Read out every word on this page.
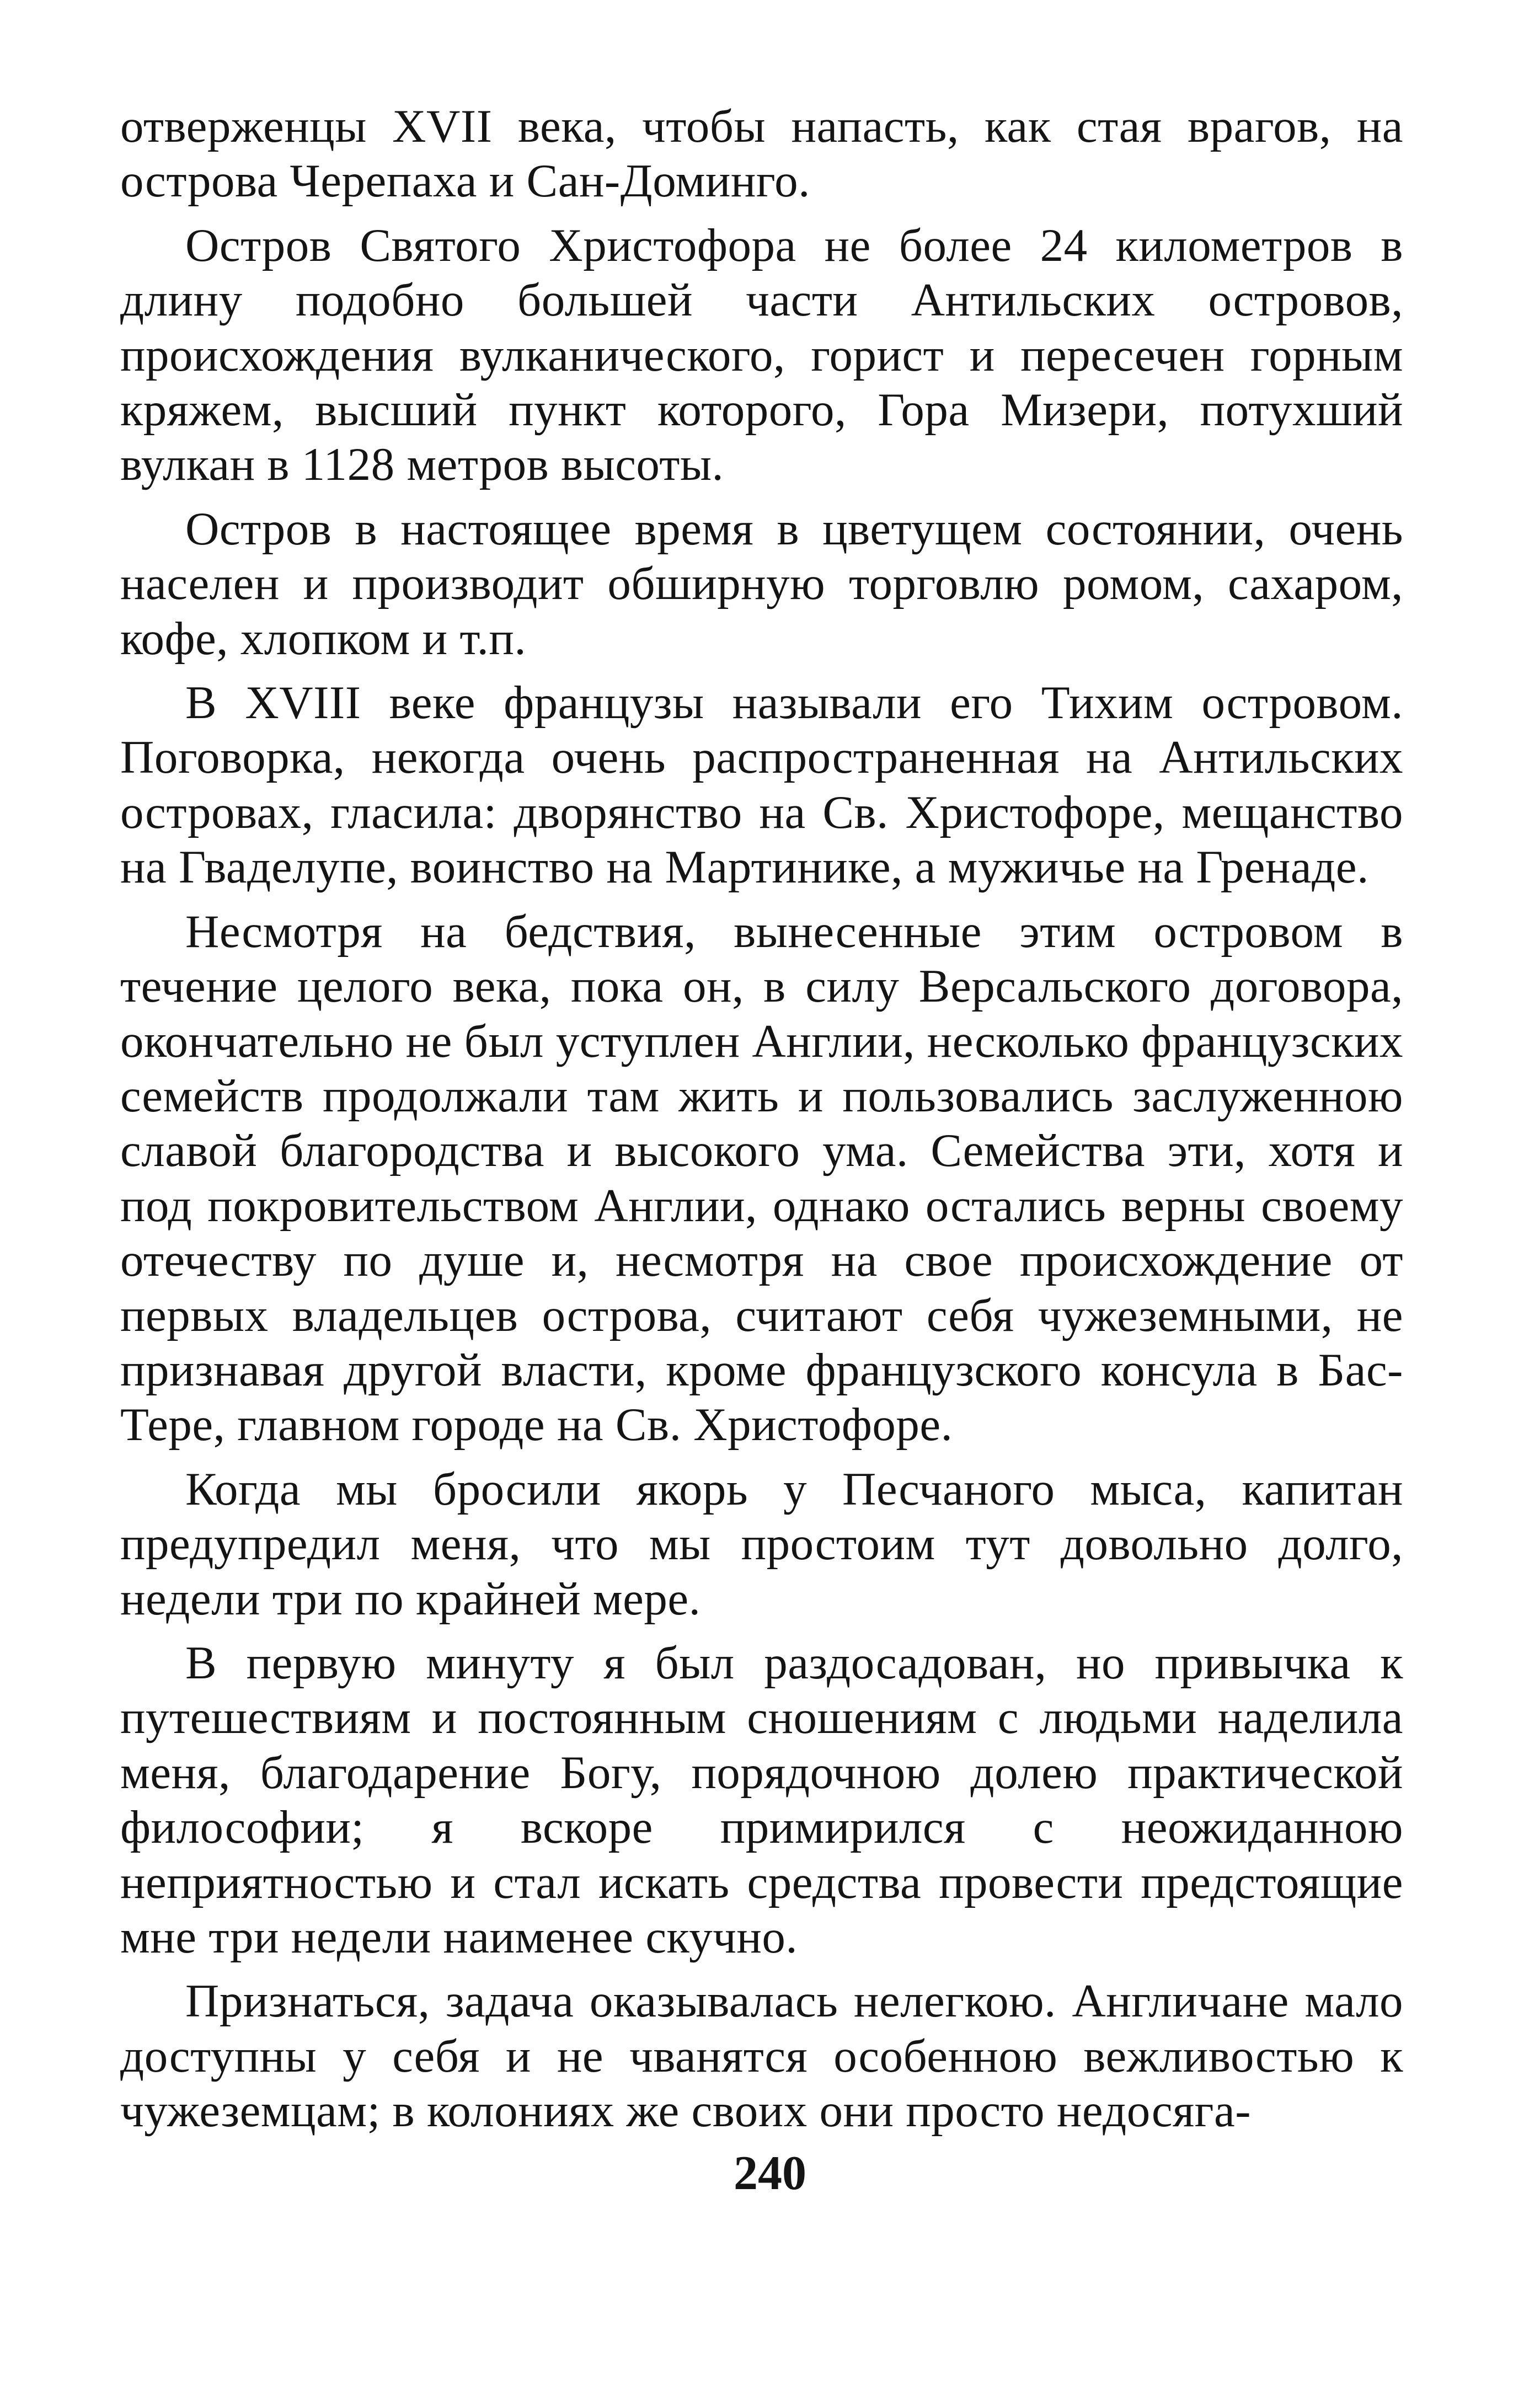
отверженцы XVII века, чтобы напасть, как стая врагов, на острова Черепаха и Сан-Доминго.

Остров Святого Христофора не более 24 километров в длину подобно большей части Антильских островов, происхождения вулканического, горист и пересечен горным кряжем, высший пункт которого, Гора Мизери, потухший вулкан в 1128 метров высоты.

Остров в настоящее время в цветущем состоянии, очень населен и производит обширную торговлю ромом, сахаром, кофе, хлопком и т.п.

В XVIII веке французы называли его Тихим островом. Поговорка, некогда очень распространенная на Антильских островах, гласила: дворянство на Св. Христофоре, мещанство на Гваделупе, воинство на Мартинике, а мужичье на Гренаде.

Несмотря на бедствия, вынесенные этим островом в течение целого века, пока он, в силу Версальского договора, окончательно не был уступлен Англии, несколько французских семейств продолжали там жить и пользовались заслуженною славой благородства и высокого ума. Семейства эти, хотя и под покровительством Англии, однако остались верны своему отечеству по душе и, несмотря на свое происхождение от первых владельцев острова, считают себя чужеземными, не признавая другой власти, кроме французского консула в Бас-Тере, главном городе на Св. Христофоре.

Когда мы бросили якорь у Песчаного мыса, капитан предупредил меня, что мы простоим тут довольно долго, недели три по крайней мере.

В первую минуту я был раздосадован, но привычка к путешествиям и постоянным сношениям с людьми наделила меня, благодарение Богу, порядочною долею практической философии; я вскоре примирился с неожиданною неприятностью и стал искать средства провести предстоящие мне три недели наименее скучно.

Признаться, задача оказывалась нелегкою. Англичане мало доступны у себя и не чванятся особенною вежливостью к чужеземцам; в колониях же своих они просто недосяга-

240
